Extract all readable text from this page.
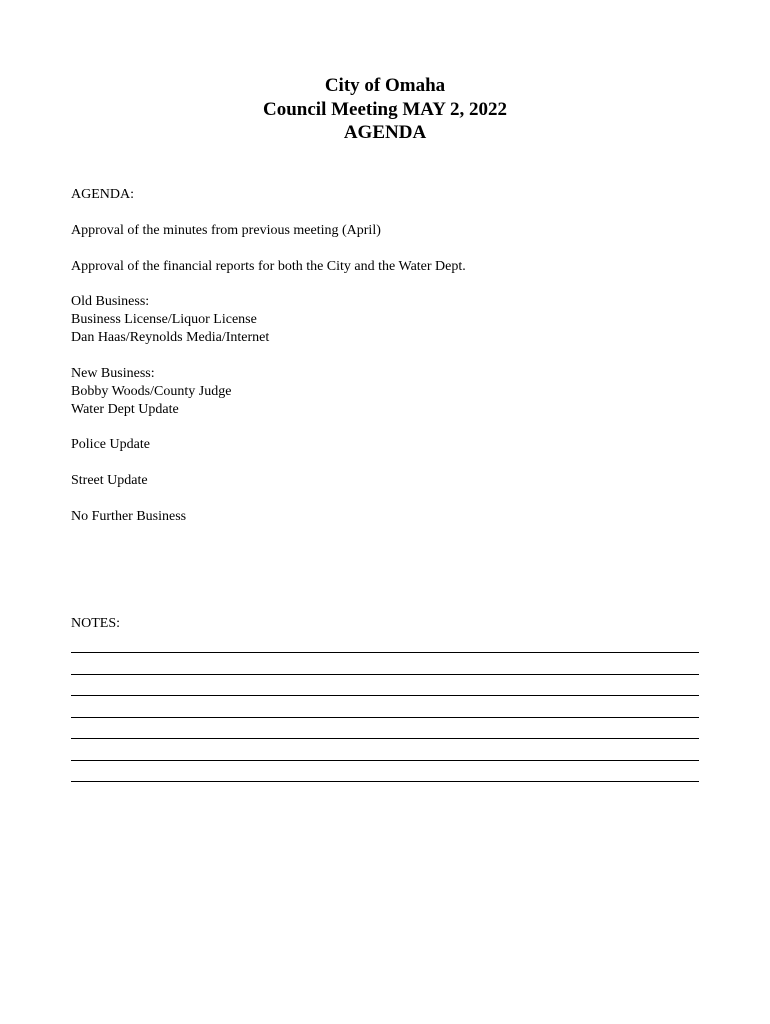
City of Omaha
Council Meeting MAY 2, 2022
AGENDA
AGENDA:
Approval of the minutes from previous meeting (April)
Approval of the financial reports for both the City and the Water Dept.
Old Business:
Business License/Liquor License
Dan Haas/Reynolds Media/Internet
New Business:
Bobby Woods/County Judge
Water Dept Update
Police Update
Street Update
No Further Business
NOTES:
